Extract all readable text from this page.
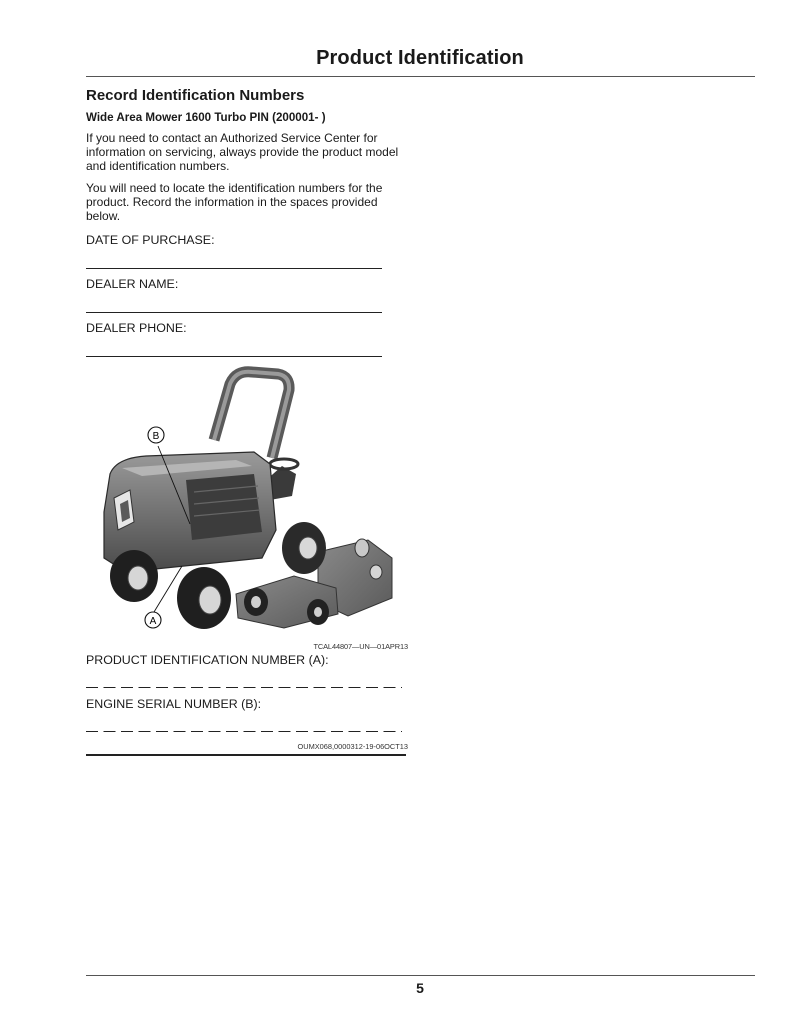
Product Identification
Record Identification Numbers
Wide Area Mower 1600 Turbo PIN (200001- )

If you need to contact an Authorized Service Center for information on servicing, always provide the product model and identification numbers.

You will need to locate the identification numbers for the product. Record the information in the spaces provided below.

DATE OF PURCHASE:
DEALER NAME:
DEALER PHONE:
B
A
TCAL44807—UN—01APR13
PRODUCT IDENTIFICATION NUMBER (A):
ENGINE SERIAL NUMBER (B):
OUMX068,0000312-19-06OCT13
5
